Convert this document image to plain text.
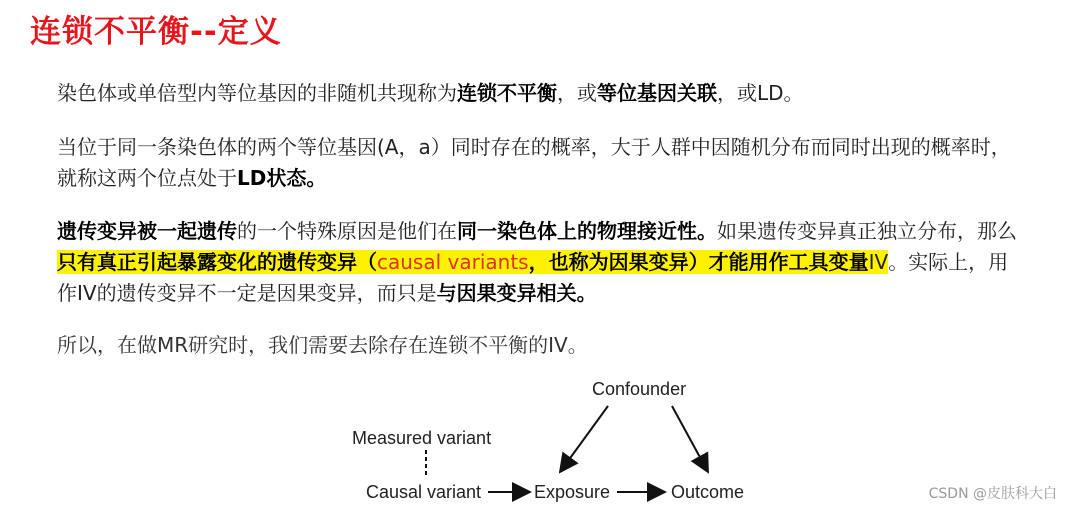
连锁不平衡--定义
染色体或单倍型内等位基因的非随机共现称为连锁不平衡，或等位基因关联，或LD。
当位于同一条染色体的两个等位基因(A，a）同时存在的概率，大于人群中因随机分布而同时出现的概率时，就称这两个位点处于LD状态。
遗传变异被一起遗传的一个特殊原因是他们在同一染色体上的物理接近性。如果遗传变异真正独立分布，那么只有真正引起暴露变化的遗传变异（causal variants，也称为因果变异）才能用作工具变量IV。实际上，用作IV的遗传变异不一定是因果变异，而只是与因果变异相关。
所以，在做MR研究时，我们需要去除存在连锁不平衡的IV。
Confounder
Measured variant
Causal variant	Exposure	Outcome	CSDN @皮肤科大白
